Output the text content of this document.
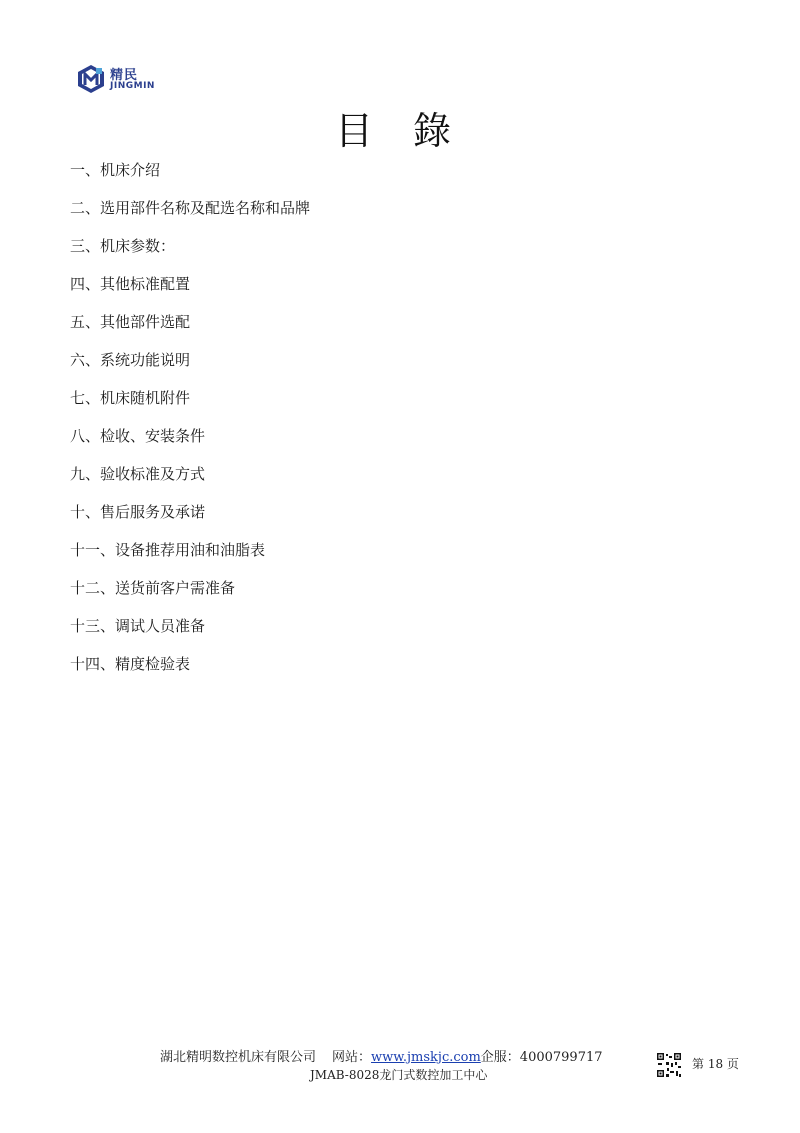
精民
JINGMIN
目 錄
一、机床介绍
二、选用部件名称及配选名称和品牌
三、机床参数：
四、其他标准配置
五、其他部件选配
六、系统功能说明
七、机床随机附件
八、检收、安装条件
九、验收标准及方式
十、售后服务及承诺
十一、设备推荐用油和油脂表
十二、送货前客户需准备
十三、调试人员准备
十四、精度检验表
湖北精明数控机床有限公司 网站：www.jmskjc.com企服：4000799717
JMAB-8028龙门式数控加工中心
第 18 页
